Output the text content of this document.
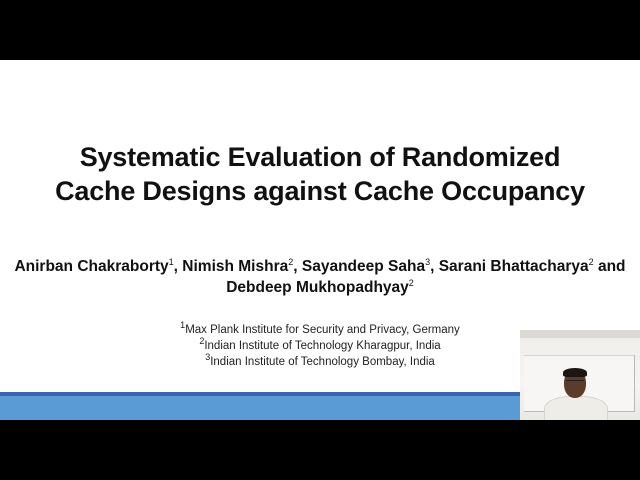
Systematic Evaluation of Randomized
Cache Designs against Cache Occupancy
Anirban Chakraborty$^1$, Nimish Mishra$^2$, Sayandeep Saha$^3$, Sarani Bhattacharya$^2$ and Debdeep Mukhopadhyay$^2$
$^1$Max Plank Institute for Security and Privacy, Germany
$^2$Indian Institute of Technology Kharagpur, India
$^3$Indian Institute of Technology Bombay, India
